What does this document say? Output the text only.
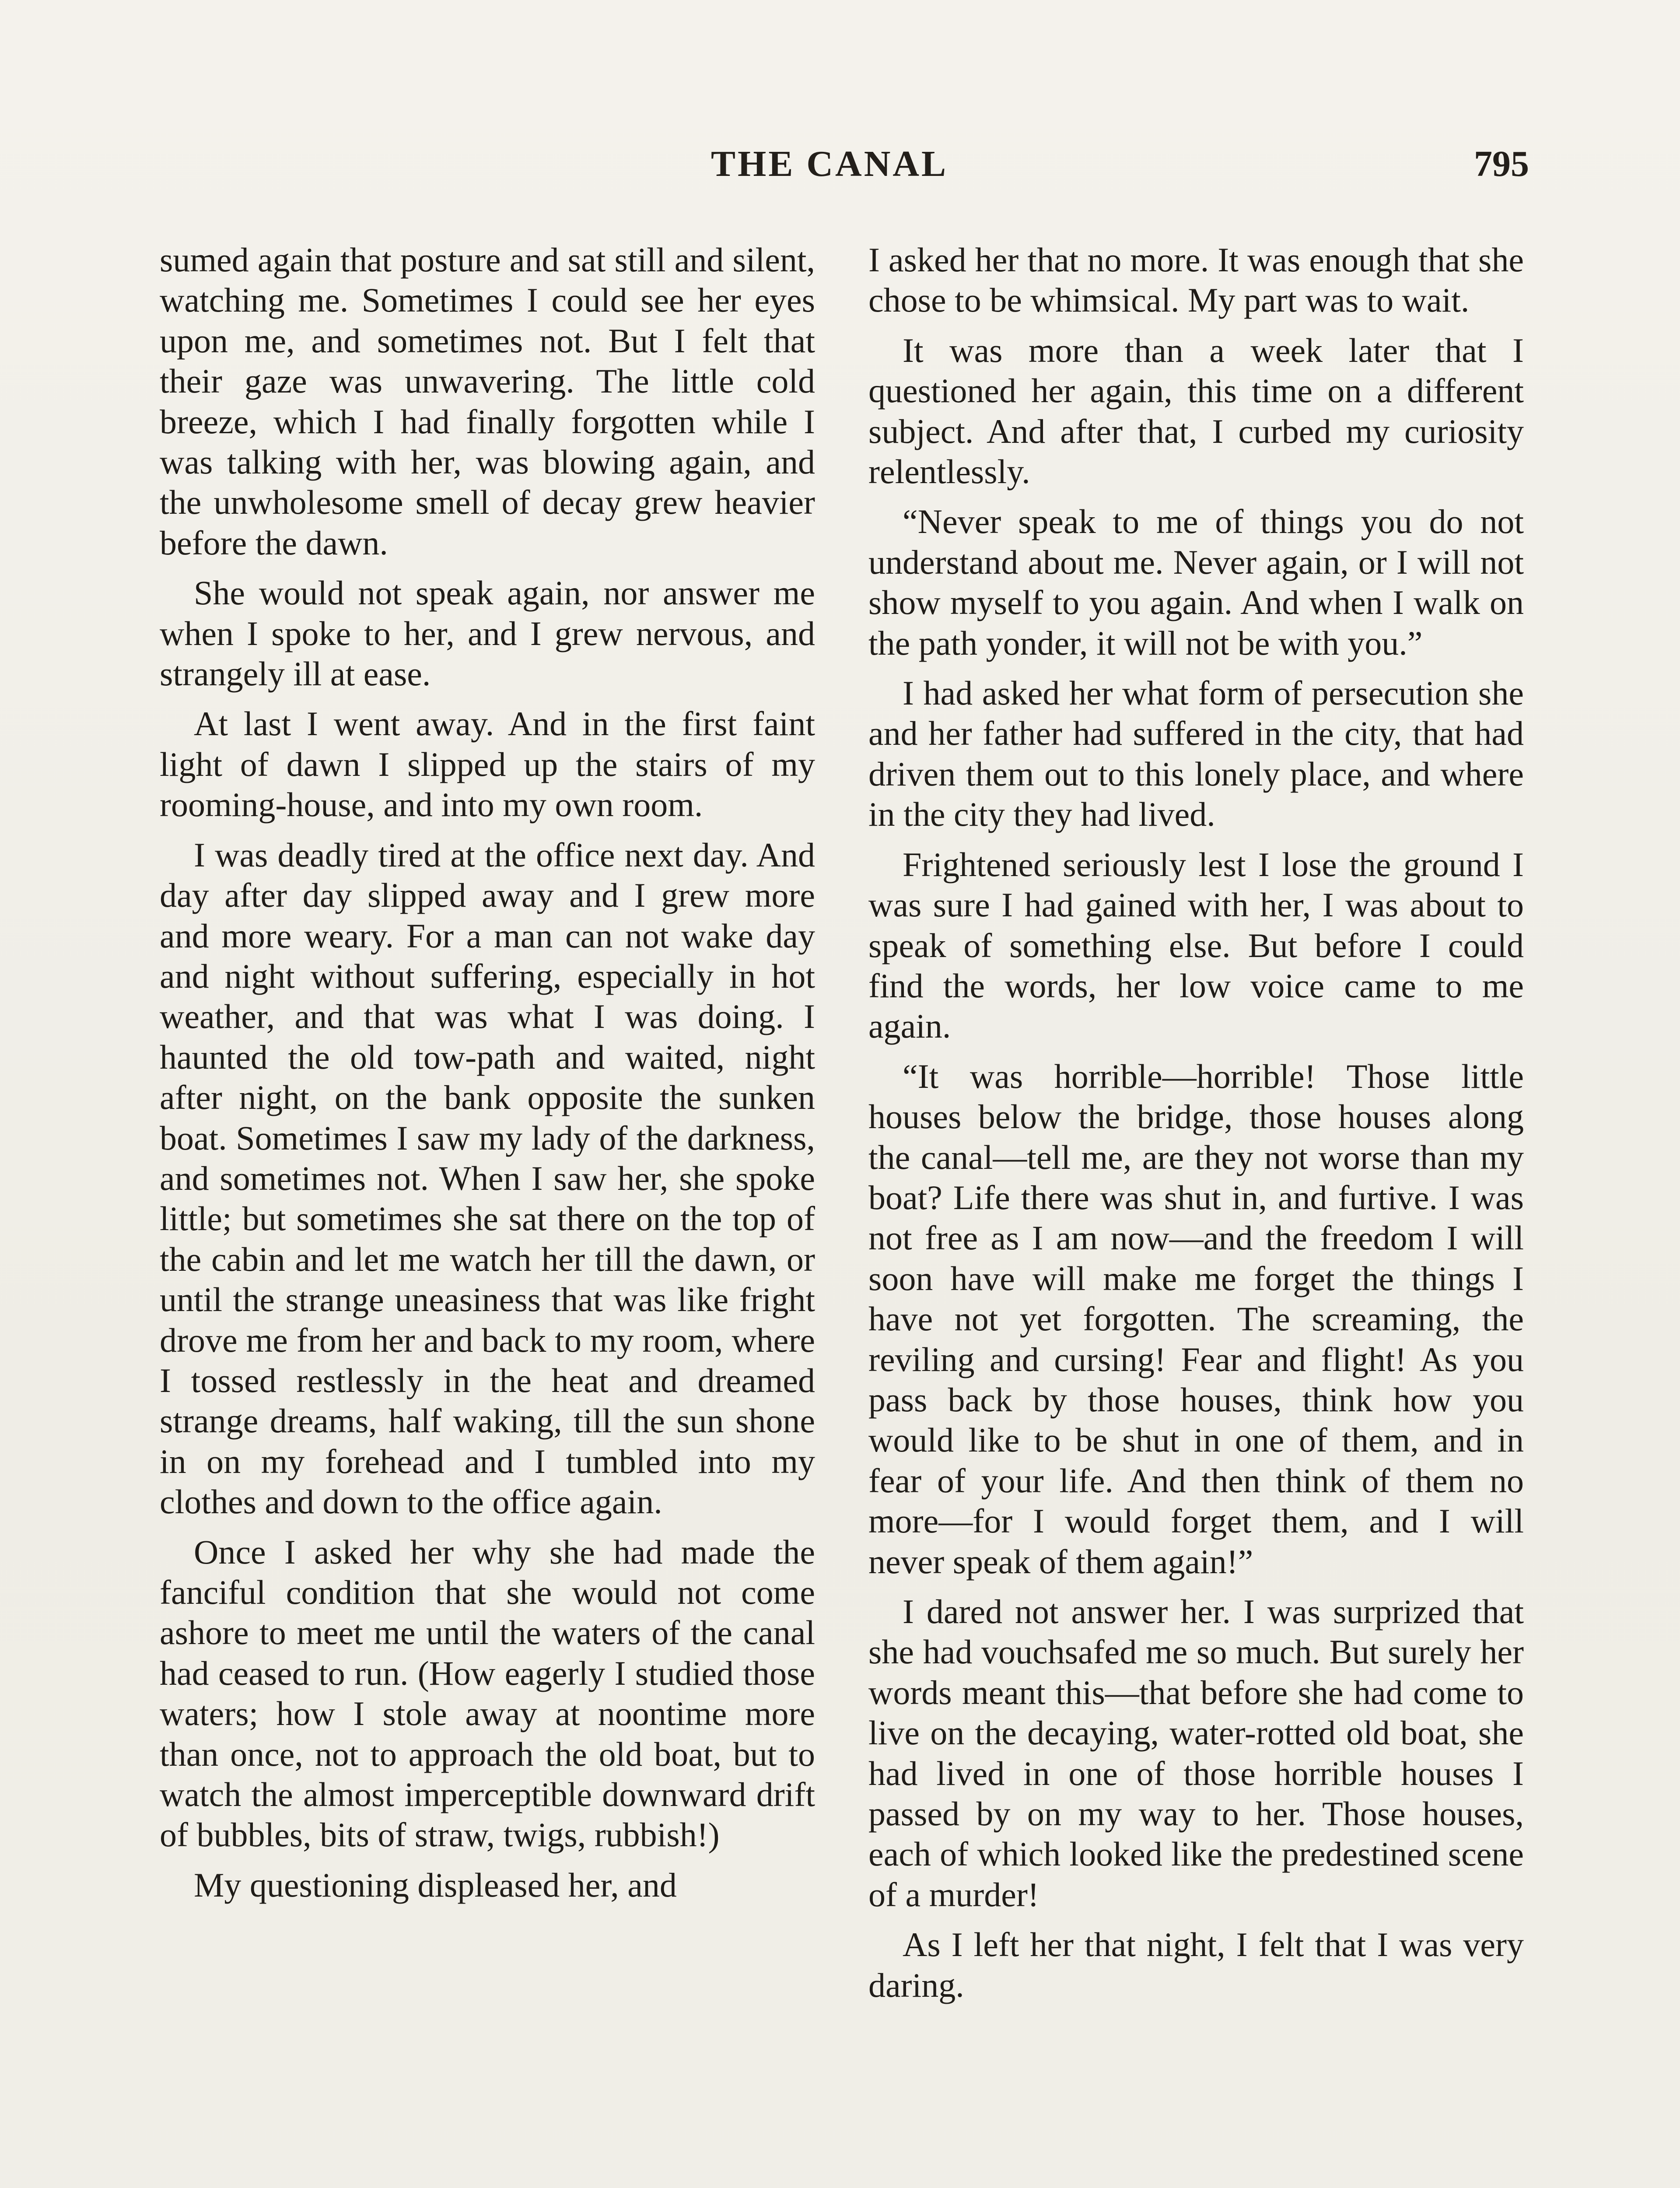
THE CANAL	795

sumed again that posture and sat still and silent, watching me. Sometimes I could see her eyes upon me, and sometimes not. But I felt that their gaze was unwavering. The little cold breeze, which I had finally forgotten while I was talking with her, was blowing again, and the unwholesome smell of decay grew heavier before the dawn.

She would not speak again, nor answer me when I spoke to her, and I grew nervous, and strangely ill at ease.

At last I went away. And in the first faint light of dawn I slipped up the stairs of my rooming-house, and into my own room.

I was deadly tired at the office next day. And day after day slipped away and I grew more and more weary. For a man can not wake day and night without suffering, especially in hot weather, and that was what I was doing. I haunted the old tow-path and waited, night after night, on the bank opposite the sunken boat. Sometimes I saw my lady of the darkness, and sometimes not. When I saw her, she spoke little; but sometimes she sat there on the top of the cabin and let me watch her till the dawn, or until the strange uneasiness that was like fright drove me from her and back to my room, where I tossed restlessly in the heat and dreamed strange dreams, half waking, till the sun shone in on my forehead and I tumbled into my clothes and down to the office again.

Once I asked her why she had made the fanciful condition that she would not come ashore to meet me until the waters of the canal had ceased to run. (How eagerly I studied those waters; how I stole away at noontime more than once, not to approach the old boat, but to watch the almost imperceptible downward drift of bubbles, bits of straw, twigs, rubbish!)

My questioning displeased her, and

I asked her that no more. It was enough that she chose to be whimsical. My part was to wait.

It was more than a week later that I questioned her again, this time on a different subject. And after that, I curbed my curiosity relentlessly.

“Never speak to me of things you do not understand about me. Never again, or I will not show myself to you again. And when I walk on the path yonder, it will not be with you.”

I had asked her what form of persecution she and her father had suffered in the city, that had driven them out to this lonely place, and where in the city they had lived.

Frightened seriously lest I lose the ground I was sure I had gained with her, I was about to speak of something else. But before I could find the words, her low voice came to me again.

“It was horrible—horrible! Those little houses below the bridge, those houses along the canal—tell me, are they not worse than my boat? Life there was shut in, and furtive. I was not free as I am now—and the freedom I will soon have will make me forget the things I have not yet forgotten. The screaming, the reviling and cursing! Fear and flight! As you pass back by those houses, think how you would like to be shut in one of them, and in fear of your life. And then think of them no more—for I would forget them, and I will never speak of them again!”

I dared not answer her. I was surprized that she had vouchsafed me so much. But surely her words meant this—that before she had come to live on the decaying, water-rotted old boat, she had lived in one of those horrible houses I passed by on my way to her. Those houses, each of which looked like the predestined scene of a murder!

As I left her that night, I felt that I was very daring.
